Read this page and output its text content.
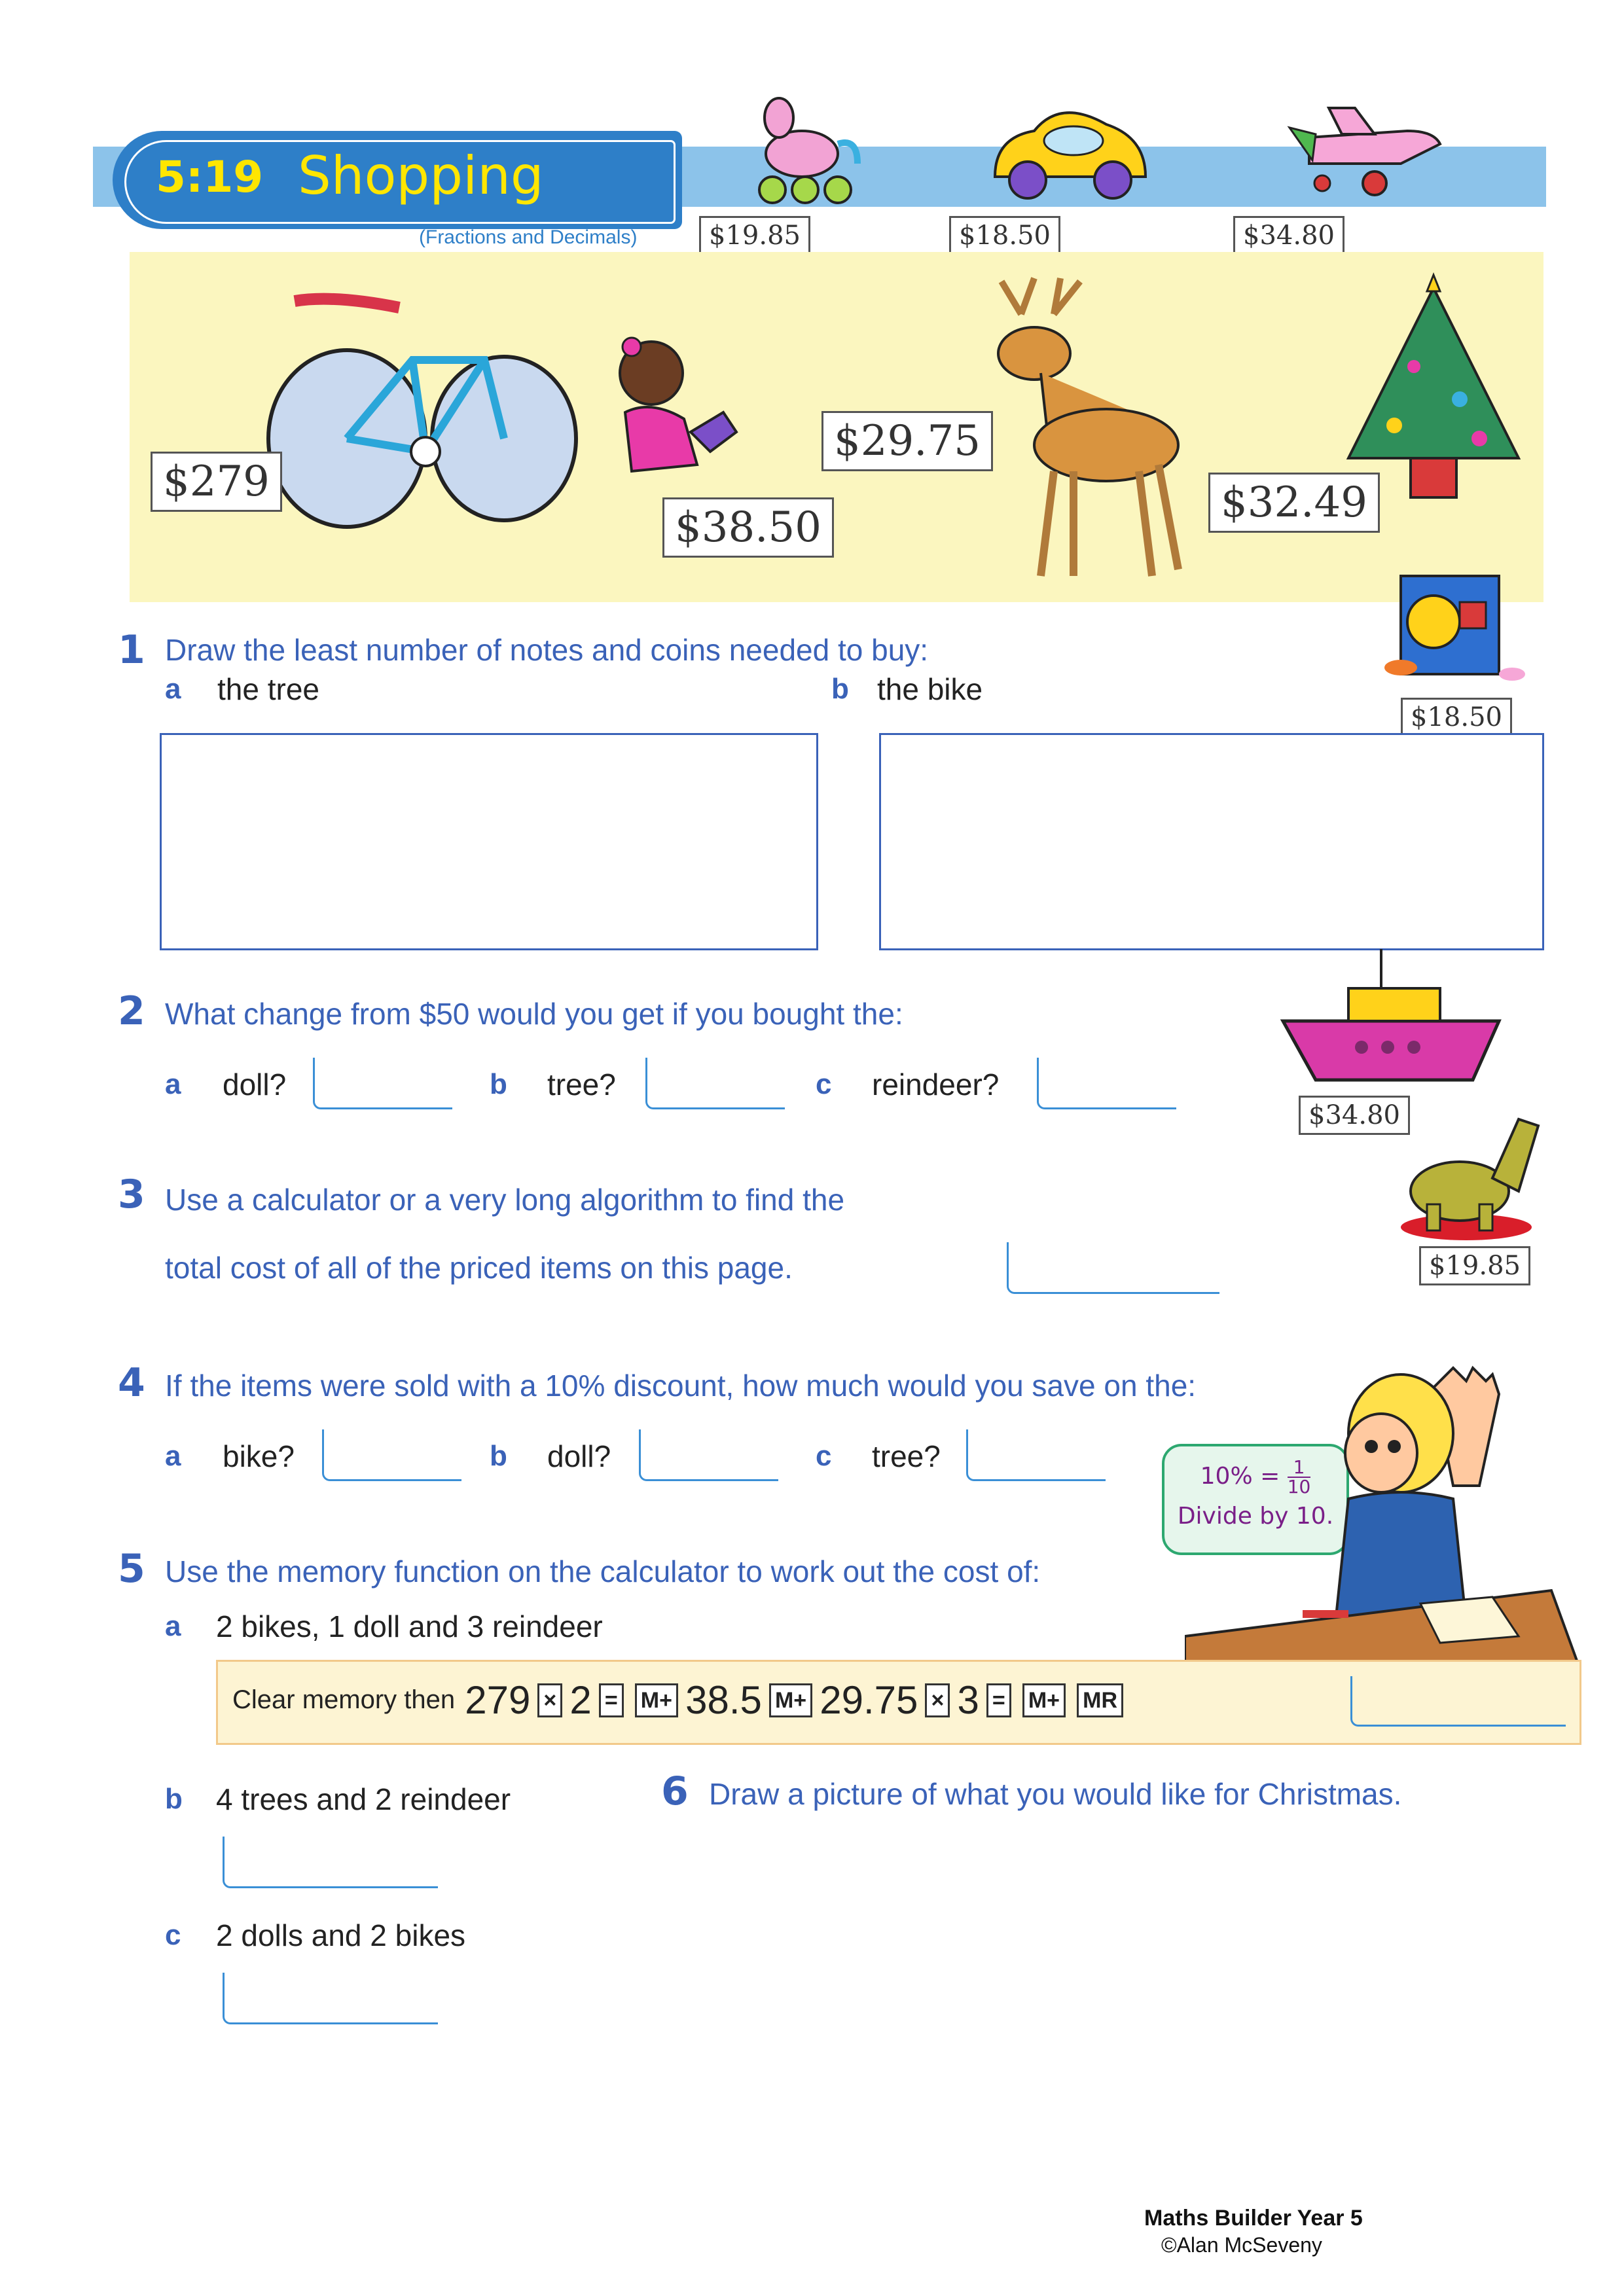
5:19 Shopping
(Fractions and Decimals)	$19.85	$18.50	$34.80
$279
$38.50
$29.75
$32.49
$18.50
1 Draw the least number of notes and coins needed to buy:
a the tree	b the bike
2 What change from $50 would you get if you bought the:
a doll?	b tree?	c reindeer?
$34.80
3 Use a calculator or a very long algorithm to find the
total cost of all of the priced items on this page.	$19.85
4 If the items were sold with a 10% discount, how much would you save on the:
a bike?	b doll?	c tree?
$10\% = \frac{1}{10}$
Divide by 10.
5 Use the memory function on the calculator to work out the cost of:
a 2 bikes, 1 doll and 3 reindeer
Clear memory then 279 × 2 = M+ 38.5 M+ 29.75 × 3 = M+ MR
b 4 trees and 2 reindeer
c 2 dolls and 2 bikes
6 Draw a picture of what you would like for Christmas.
Maths Builder Year 5
©Alan McSeveny
